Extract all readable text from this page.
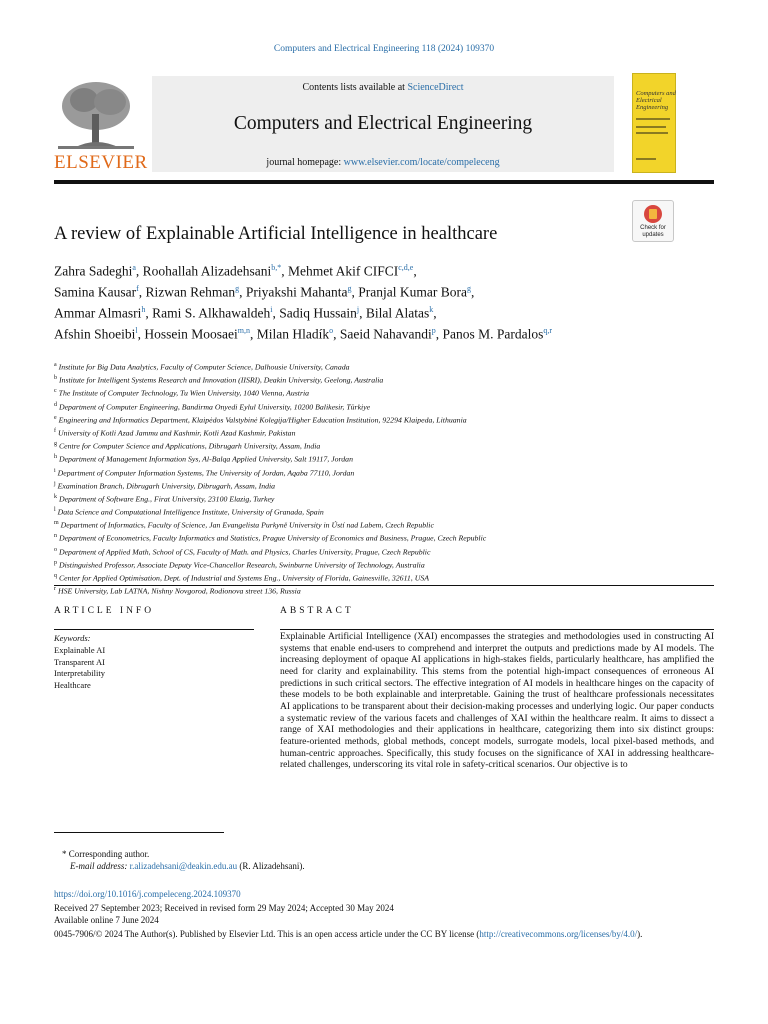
Computers and Electrical Engineering 118 (2024) 109370
ELSEVIER
Contents lists available at ScienceDirect
Computers and Electrical Engineering
journal homepage: www.elsevier.com/locate/compeleceng
Computers and Electrical Engineering
A review of Explainable Artificial Intelligence in healthcare	Check for
updates
Zahra Sadeghi$^a$, Roohallah Alizadehsani$^{b,*}$, Mehmet Akif CIFCI$^{c,d,e}$,
Samina Kausar$^f$, Rizwan Rehman$^g$, Priyakshi Mahanta$^g$, Pranjal Kumar Bora$^g$,
Ammar Almasri$^h$, Rami S. Alkhawaldeh$^i$, Sadiq Hussain$^j$, Bilal Alatas$^k$,
Afshin Shoeibi$^l$, Hossein Moosaei$^{m,n}$, Milan Hladík$^o$, Saeid Nahavandi$^p$, Panos M. Pardalos$^{q,r}$
$^a$ Institute for Big Data Analytics, Faculty of Computer Science, Dalhousie University, Canada
$^b$ Institute for Intelligent Systems Research and Innovation (IISRI), Deakin University, Geelong, Australia
$^c$ The Institute of Computer Technology, Tu Wien University, 1040 Vienna, Austria
$^d$ Department of Computer Engineering, Bandirma Onyedi Eylul University, 10200 Balikesir, Türkiye
$^e$ Engineering and Informatics Department, Klaipėdos Valstybinė Kolegija/Higher Education Institution, 92294 Klaipeda, Lithuania
$^f$ University of Kotli Azad Jammu and Kashmir, Kotli Azad Kashmir, Pakistan
$^g$ Centre for Computer Science and Applications, Dibrugarh University, Assam, India
$^h$ Department of Management Information Sys, Al-Balqa Applied University, Salt 19117, Jordan
$^i$ Department of Computer Information Systems, The University of Jordan, Aqaba 77110, Jordan
$^j$ Examination Branch, Dibrugarh University, Dibrugarh, Assam, India
$^k$ Department of Software Eng., Firat University, 23100 Elazig, Turkey
$^l$ Data Science and Computational Intelligence Institute, University of Granada, Spain
$^m$ Department of Informatics, Faculty of Science, Jan Evangelista Purkyně University in Ústí nad Labem, Czech Republic
$^n$ Department of Econometrics, Faculty Informatics and Statistics, Prague University of Economics and Business, Prague, Czech Republic
$^o$ Department of Applied Math, School of CS, Faculty of Math. and Physics, Charles University, Prague, Czech Republic
$^p$ Distinguished Professor, Associate Deputy Vice-Chancellor Research, Swinburne University of Technology, Australia
$^q$ Center for Applied Optimisation, Dept. of Industrial and Systems Eng., University of Florida, Gainesville, 32611, USA
$^r$ HSE University, Lab LATNA, Nishny Novgorod, Rodionova street 136, Russia
ARTICLE INFO	ABSTRACT
Keywords:
Explainable AI
Transparent AI
Interpretability
Healthcare
Explainable Artificial Intelligence (XAI) encompasses the strategies and methodologies used in constructing AI systems that enable end-users to comprehend and interpret the outputs and predictions made by AI models. The increasing deployment of opaque AI applications in high-stakes fields, particularly healthcare, has amplified the need for clarity and explainability. This stems from the potential high-impact consequences of erroneous AI predictions in such critical sectors. The effective integration of AI models in healthcare hinges on the capacity of these models to be both explainable and interpretable. Gaining the trust of healthcare professionals necessitates AI applications to be transparent about their decision-making processes and underlying logic. Our paper conducts a systematic review of the various facets and challenges of XAI within the healthcare realm. It aims to dissect a range of XAI methodologies and their applications in healthcare, categorizing them into six distinct groups: feature-oriented methods, global methods, concept models, surrogate models, local pixel-based methods, and human-centric approaches. Specifically, this study focuses on the significance of XAI in addressing healthcare-related challenges, underscoring its vital role in safety-critical scenarios. Our objective is to
* Corresponding author.
E-mail address: r.alizadehsani@deakin.edu.au (R. Alizadehsani).
https://doi.org/10.1016/j.compeleceng.2024.109370
Received 27 September 2023; Received in revised form 29 May 2024; Accepted 30 May 2024
Available online 7 June 2024
0045-7906/© 2024 The Author(s). Published by Elsevier Ltd. This is an open access article under the CC BY license (http://creativecommons.org/licenses/by/4.0/).
